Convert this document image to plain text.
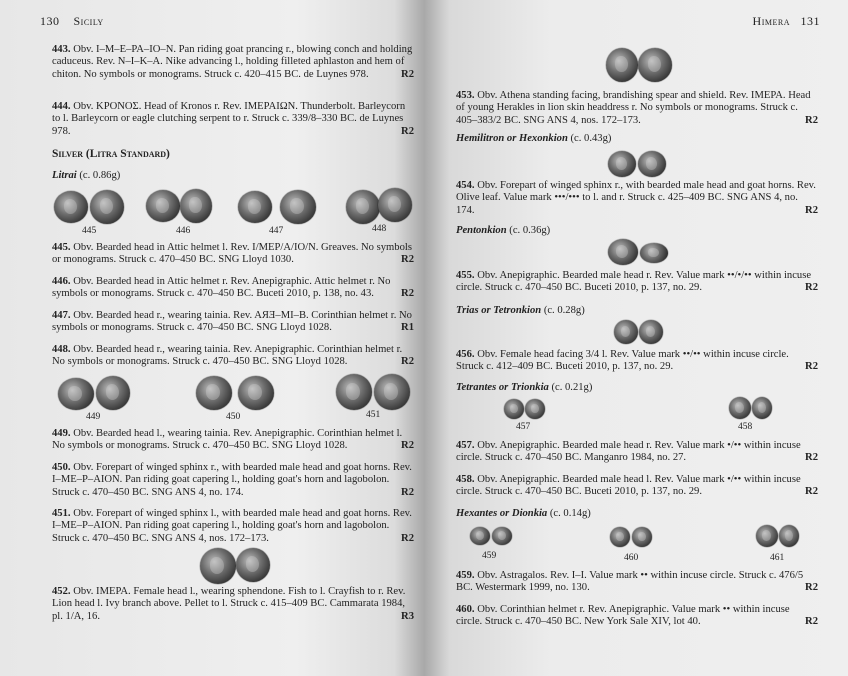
130 Sicily
443. Obv. I–M–E–PA–IO–N. Pan riding goat prancing r., blowing conch and holding caduceus. Rev. N–I–K–A. Nike advancing l., holding filleted aphlaston and hem of chiton. No symbols or monograms. Struck c. 420–415 BC. de Luynes 978.	R2
444. Obv. KPONOΣ. Head of Kronos r. Rev. IMEPAIΩN. Thunderbolt. Barleycorn to l. Barleycorn or eagle clutching serpent to r. Struck c. 339/8–330 BC. de Luynes 978.	R2
Silver (Litra Standard)
Litrai (c. 0.86g)
445	446	447	448
445. Obv. Bearded head in Attic helmet l. Rev. I/MEP/A/IO/N. Greaves. No symbols or monograms. Struck c. 470–450 BC. SNG Lloyd 1030.	R2
446. Obv. Bearded head in Attic helmet r. Rev. Anepigraphic. Attic helmet r. No symbols or monograms. Struck c. 470–450 BC. Buceti 2010, p. 138, no. 43.	R2
447. Obv. Bearded head r., wearing tainia. Rev. AЯƎ–MI–B. Corinthian helmet r. No symbols or monograms. Struck c. 470–450 BC. SNG Lloyd 1028.	R1
448. Obv. Bearded head r., wearing tainia. Rev. Anepigraphic. Corinthian helmet r. No symbols or monograms. Struck c. 470–450 BC. SNG Lloyd 1028.	R2
449	450	451
449. Obv. Bearded head l., wearing tainia. Rev. Anepigraphic. Corinthian helmet l. No symbols or monograms. Struck c. 470–450 BC. SNG Lloyd 1028.	R2
450. Obv. Forepart of winged sphinx r., with bearded male head and goat horns. Rev. I–ME–P–AION. Pan riding goat capering l., holding goat's horn and lagobolon. Struck c. 470–450 BC. SNG ANS 4, no. 174.	R2
451. Obv. Forepart of winged sphinx l., with bearded male head and goat horns. Rev. I–ME–P–AION. Pan riding goat capering l., holding goat's horn and lagobolon. Struck c. 470–450 BC. SNG ANS 4, nos. 172–173.	R2
452. Obv. IMEPA. Female head l., wearing sphendone. Fish to l. Crayfish to r. Rev. Lion head l. Ivy branch above. Pellet to l. Struck c. 415–409 BC. Cammarata 1984, pl. 1/A, 16.	R3
Himera 131
453. Obv. Athena standing facing, brandishing spear and shield. Rev. IMEPA. Head of young Herakles in lion skin headdress r. No symbols or monograms. Struck c. 405–383/2 BC. SNG ANS 4, nos. 172–173.	R2
Hemilitron or Hexonkion (c. 0.43g)
454. Obv. Forepart of winged sphinx r., with bearded male head and goat horns. Rev. Olive leaf. Value mark •••/••• to l. and r. Struck c. 425–409 BC. SNG ANS 4, no. 174.	R2
Pentonkion (c. 0.36g)
455. Obv. Anepigraphic. Bearded male head r. Rev. Value mark ••/•/•• within incuse circle. Struck c. 470–450 BC. Buceti 2010, p. 137, no. 29.	R2
Trias or Tetronkion (c. 0.28g)
456. Obv. Female head facing 3/4 l. Rev. Value mark ••/•• within incuse circle. Struck c. 412–409 BC. Buceti 2010, p. 137, no. 29.	R2
Tetrantes or Trionkia (c. 0.21g)
457	458
457. Obv. Anepigraphic. Bearded male head r. Rev. Value mark •/•• within incuse circle. Struck c. 470–450 BC. Manganro 1984, no. 27.	R2
458. Obv. Anepigraphic. Bearded male head l. Rev. Value mark •/•• within incuse circle. Struck c. 470–450 BC. Buceti 2010, p. 137, no. 29.	R2
Hexantes or Dionkia (c. 0.14g)
459	460	461
459. Obv. Astragalos. Rev. I–I. Value mark •• within incuse circle. Struck c. 476/5 BC. Westermark 1999, no. 130.	R2
460. Obv. Corinthian helmet r. Rev. Anepigraphic. Value mark •• within incuse circle. Struck c. 470–450 BC. New York Sale XIV, lot 40.	R2
